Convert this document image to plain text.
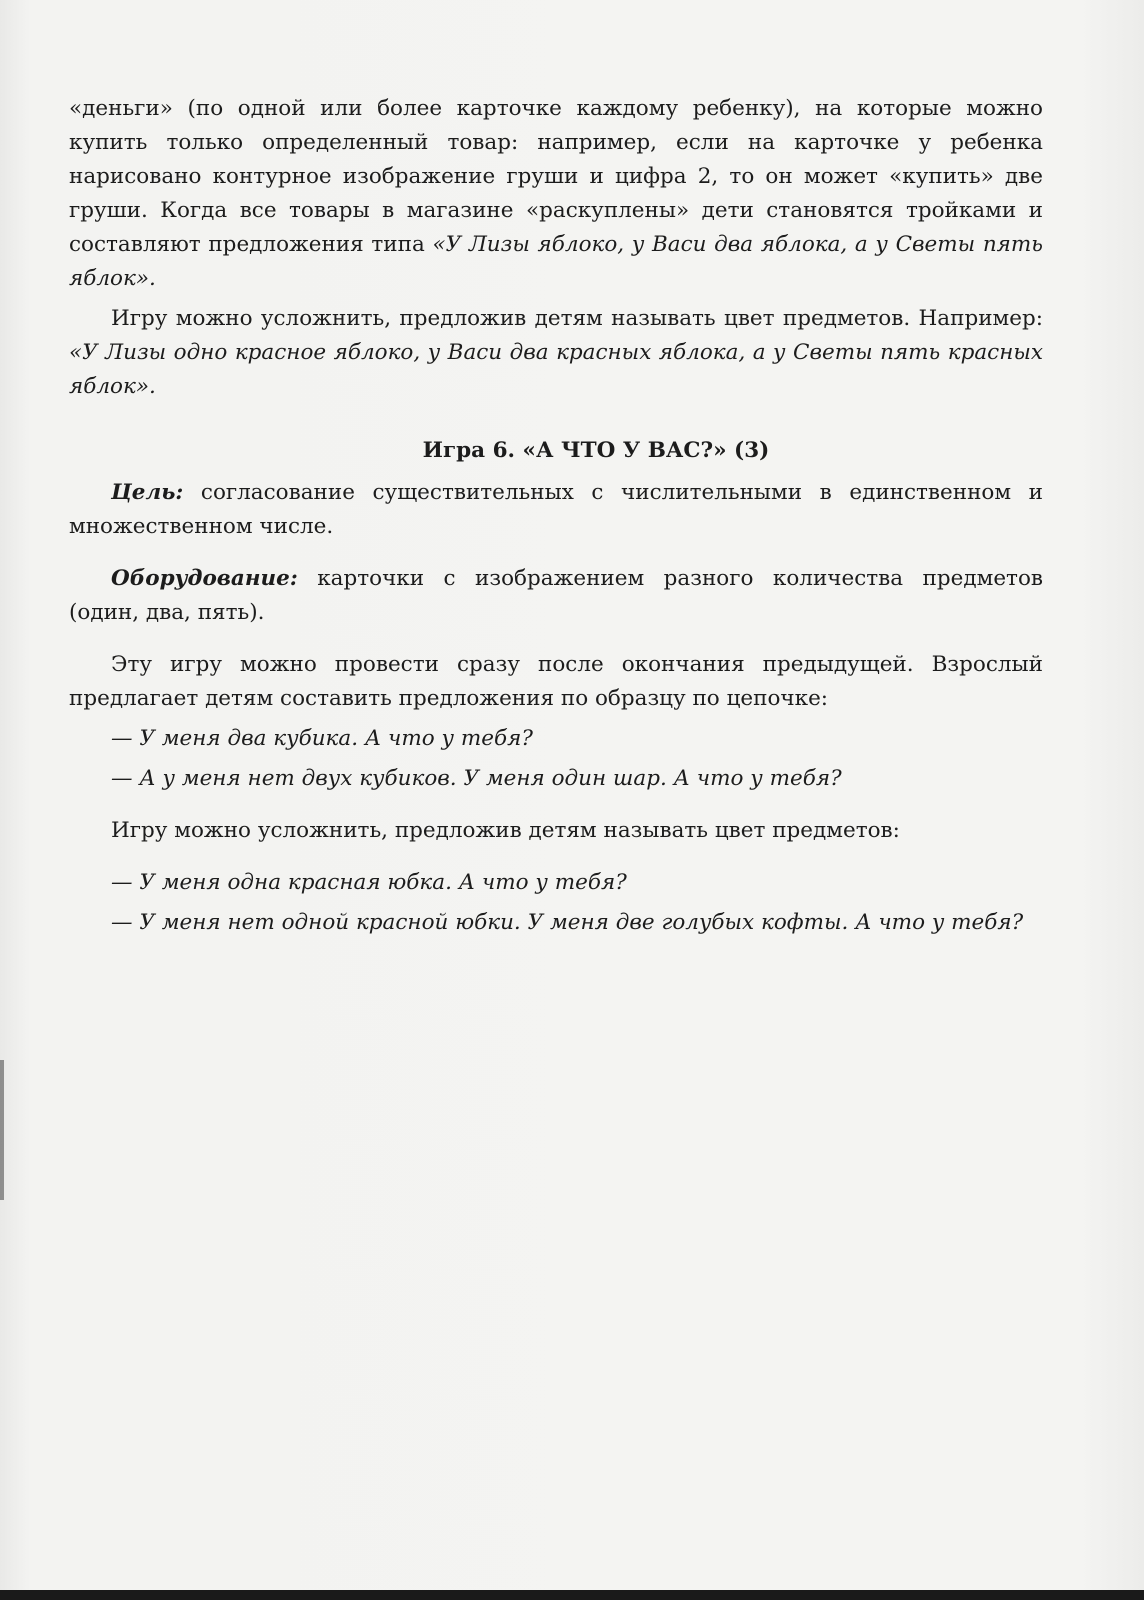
«деньги» (по одной или более карточке каждому ребенку), на которые можно купить только определенный товар: например, если на карточке у ребенка нарисовано контурное изображение груши и цифра 2, то он может «купить» две груши. Когда все товары в магазине «раскуплены» дети становятся тройками и составляют предложения типа «У Лизы яблоко, у Васи два яблока, а у Светы пять яблок».

Игру можно усложнить, предложив детям называть цвет предметов. Например: «У Лизы одно красное яблоко, у Васи два красных яблока, а у Светы пять красных яблок».

Игра 6. «А ЧТО У ВАС?» (3)

Цель: согласование существительных с числительными в единственном и множественном числе.

Оборудование: карточки с изображением разного количества предметов (один, два, пять).

Эту игру можно провести сразу после окончания предыдущей. Взрослый предлагает детям составить предложения по образцу по цепочке:

— У меня два кубика. А что у тебя?

— А у меня нет двух кубиков. У меня один шар. А что у тебя?

Игру можно усложнить, предложив детям называть цвет предметов:

— У меня одна красная юбка. А что у тебя?

— У меня нет одной красной юбки. У меня две голубых кофты. А что у тебя?
